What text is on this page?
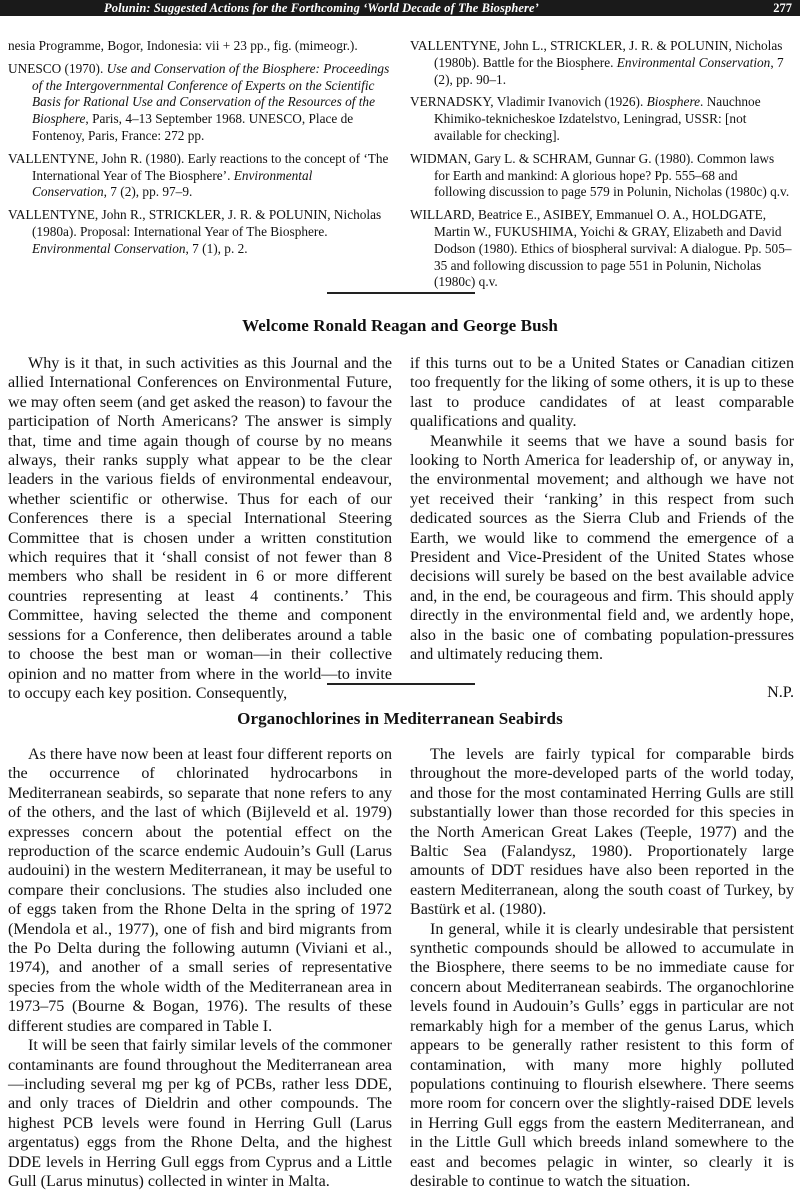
Polunin: Suggested Actions for the Forthcoming ‘World Decade of The Biosphere’	277

nesia Programme, Bogor, Indonesia: vii + 23 pp., fig. (mimeogr.).

UNESCO (1970). Use and Conservation of the Biosphere: Proceedings of the Intergovernmental Conference of Experts on the Scientific Basis for Rational Use and Conservation of the Resources of the Biosphere, Paris, 4–13 September 1968. UNESCO, Place de Fontenoy, Paris, France: 272 pp.

VALLENTYNE, John R. (1980). Early reactions to the concept of ‘The International Year of The Biosphere’. Environmental Conservation, 7 (2), pp. 97–9.

VALLENTYNE, John R., STRICKLER, J. R. & POLUNIN, Nicholas (1980a). Proposal: International Year of The Biosphere. Environmental Conservation, 7 (1), p. 2.

VALLENTYNE, John L., STRICKLER, J. R. & POLUNIN, Nicholas (1980b). Battle for the Biosphere. Environmental Conservation, 7 (2), pp. 90–1.

VERNADSKY, Vladimir Ivanovich (1926). Biosphere. Nauchnoe Khimiko-teknicheskoe Izdatelstvo, Leningrad, USSR: [not available for checking].

WIDMAN, Gary L. & SCHRAM, Gunnar G. (1980). Common laws for Earth and mankind: A glorious hope? Pp. 555–68 and following discussion to page 579 in Polunin, Nicholas (1980c) q.v.

WILLARD, Beatrice E., ASIBEY, Emmanuel O. A., HOLDGATE, Martin W., FUKUSHIMA, Yoichi & GRAY, Elizabeth and David Dodson (1980). Ethics of biospheral survival: A dialogue. Pp. 505–35 and following discussion to page 551 in Polunin, Nicholas (1980c) q.v.

Welcome Ronald Reagan and George Bush

Why is it that, in such activities as this Journal and the allied International Conferences on Environmental Future, we may often seem (and get asked the reason) to favour the participation of North Americans? The answer is simply that, time and time again though of course by no means always, their ranks supply what appear to be the clear leaders in the various fields of environmental endeavour, whether scientific or otherwise. Thus for each of our Conferences there is a special International Steering Committee that is chosen under a written constitution which requires that it ‘shall consist of not fewer than 8 members who shall be resident in 6 or more different countries representing at least 4 continents.’ This Committee, having selected the theme and component sessions for a Conference, then deliberates around a table to choose the best man or woman—in their collective opinion and no matter from where in the world—to invite to occupy each key position. Consequently,

if this turns out to be a United States or Canadian citizen too frequently for the liking of some others, it is up to these last to produce candidates of at least comparable qualifications and quality.

Meanwhile it seems that we have a sound basis for looking to North America for leadership of, or anyway in, the environmental movement; and although we have not yet received their ‘ranking’ in this respect from such dedicated sources as the Sierra Club and Friends of the Earth, we would like to commend the emergence of a President and Vice-President of the United States whose decisions will surely be based on the best available advice and, in the end, be courageous and firm. This should apply directly in the environmental field and, we ardently hope, also in the basic one of combating population-pressures and ultimately reducing them.

N.P.

Organochlorines in Mediterranean Seabirds

As there have now been at least four different reports on the occurrence of chlorinated hydrocarbons in Mediterranean seabirds, so separate that none refers to any of the others, and the last of which (Bijleveld et al. 1979) expresses concern about the potential effect on the reproduction of the scarce endemic Audouin’s Gull (Larus audouini) in the western Mediterranean, it may be useful to compare their conclusions. The studies also included one of eggs taken from the Rhone Delta in the spring of 1972 (Mendola et al., 1977), one of fish and bird migrants from the Po Delta during the following autumn (Viviani et al., 1974), and another of a small series of representative species from the whole width of the Mediterranean area in 1973–75 (Bourne & Bogan, 1976). The results of these different studies are compared in Table I.

It will be seen that fairly similar levels of the commoner contaminants are found throughout the Mediterranean area—including several mg per kg of PCBs, rather less DDE, and only traces of Dieldrin and other compounds. The highest PCB levels were found in Herring Gull (Larus argentatus) eggs from the Rhone Delta, and the highest DDE levels in Herring Gull eggs from Cyprus and a Little Gull (Larus minutus) collected in winter in Malta.

The levels are fairly typical for comparable birds throughout the more-developed parts of the world today, and those for the most contaminated Herring Gulls are still substantially lower than those recorded for this species in the North American Great Lakes (Teeple, 1977) and the Baltic Sea (Falandysz, 1980). Proportionately large amounts of DDT residues have also been reported in the eastern Mediterranean, along the south coast of Turkey, by Bastürk et al. (1980).

In general, while it is clearly undesirable that persistent synthetic compounds should be allowed to accumulate in the Biosphere, there seems to be no immediate cause for concern about Mediterranean seabirds. The organochlorine levels found in Audouin’s Gulls’ eggs in particular are not remarkably high for a member of the genus Larus, which appears to be generally rather resistent to this form of contamination, with many more highly polluted populations continuing to flourish elsewhere. There seems more room for concern over the slightly-raised DDE levels in Herring Gull eggs from the eastern Mediterranean, and in the Little Gull which breeds inland somewhere to the east and becomes pelagic in winter, so clearly it is desirable to continue to watch the situation.
